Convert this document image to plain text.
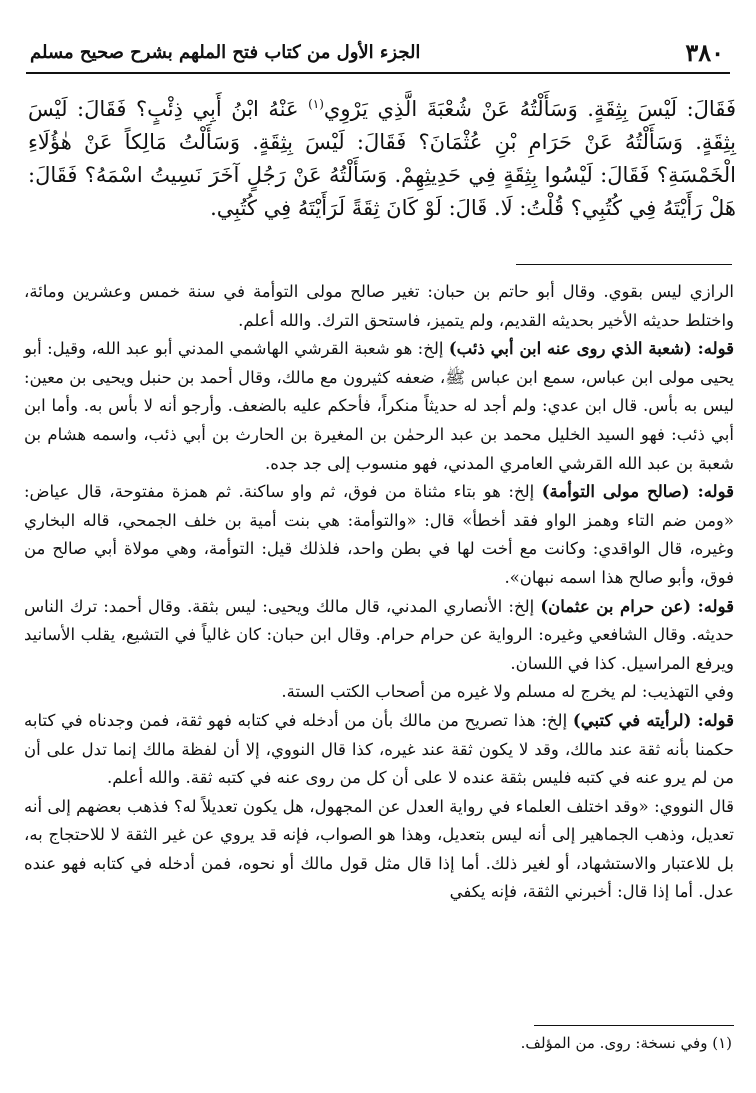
٣٨٠
الجزء الأول من كتاب فتح الملهم بشرح صحيح مسلم

فَقَالَ: لَيْسَ بِثِقَةٍ. وَسَأَلْتُهُ عَنْ شُعْبَةَ الَّذِي يَرْوِي$^{(١)}$ عَنْهُ ابْنُ أَبِي ذِئْبٍ؟ فَقَالَ: لَيْسَ بِثِقَةٍ. وَسَأَلْتُهُ عَنْ حَرَامِ بْنِ عُثْمَانَ؟ فَقَالَ: لَيْسَ بِثِقَةٍ. وَسَأَلْتُ مَالِكاً عَنْ هٰؤُلَاءِ الْخَمْسَةِ؟ فَقَالَ: لَيْسُوا بِثِقَةٍ فِي حَدِيثِهِمْ. وَسَأَلْتُهُ عَنْ رَجُلٍ آخَرَ نَسِيتُ اسْمَهُ؟ فَقَالَ: هَلْ رَأَيْتَهُ فِي كُتُبِي؟ قُلْتُ: لَا. قَالَ: لَوْ كَانَ ثِقَةً لَرَأَيْتَهُ فِي كُتُبِي.

الرازي ليس بقوي. وقال أبو حاتم بن حبان: تغير صالح مولى التوأمة في سنة خمس وعشرين ومائة، واختلط حديثه الأخير بحديثه القديم، ولم يتميز، فاستحق الترك. والله أعلم.

قوله: (شعبة الذي روى عنه ابن أبي ذئب) إلخ: هو شعبة القرشي الهاشمي المدني أبو عبد الله، وقيل: أبو يحيى مولى ابن عباس، سمع ابن عباس ﷺ، ضعفه كثيرون مع مالك، وقال أحمد بن حنبل ويحيى بن معين: ليس به بأس. قال ابن عدي: ولم أجد له حديثاً منكراً، فأحكم عليه بالضعف. وأرجو أنه لا بأس به. وأما ابن أبي ذئب: فهو السيد الخليل محمد بن عبد الرحمٰن بن المغيرة بن الحارث بن أبي ذئب، واسمه هشام بن شعبة بن عبد الله القرشي العامري المدني، فهو منسوب إلى جد جده.

قوله: (صالح مولى التوأمة) إلخ: هو بتاء مثناة من فوق، ثم واو ساكنة. ثم همزة مفتوحة، قال عياض: «ومن ضم التاء وهمز الواو فقد أخطأ» قال: «والتوأمة: هي بنت أمية بن خلف الجمحي، قاله البخاري وغيره، قال الواقدي: وكانت مع أخت لها في بطن واحد، فلذلك قيل: التوأمة، وهي مولاة أبي صالح من فوق، وأبو صالح هذا اسمه نبهان».

قوله: (عن حرام بن عثمان) إلخ: الأنصاري المدني، قال مالك ويحيى: ليس بثقة. وقال أحمد: ترك الناس حديثه. وقال الشافعي وغيره: الرواية عن حرام حرام. وقال ابن حبان: كان غالياً في التشيع، يقلب الأسانيد ويرفع المراسيل. كذا في اللسان.

وفي التهذيب: لم يخرج له مسلم ولا غيره من أصحاب الكتب الستة.

قوله: (لرأيته في كتبي) إلخ: هذا تصريح من مالك بأن من أدخله في كتابه فهو ثقة، فمن وجدناه في كتابه حكمنا بأنه ثقة عند مالك، وقد لا يكون ثقة عند غيره، كذا قال النووي، إلا أن لفظة مالك إنما تدل على أن من لم يرو عنه في كتبه فليس بثقة عنده لا على أن كل من روى عنه في كتبه ثقة. والله أعلم.

قال النووي: «وقد اختلف العلماء في رواية العدل عن المجهول، هل يكون تعديلاً له؟ فذهب بعضهم إلى أنه تعديل، وذهب الجماهير إلى أنه ليس بتعديل، وهذا هو الصواب، فإنه قد يروي عن غير الثقة لا للاحتجاج به، بل للاعتبار والاستشهاد، أو لغير ذلك. أما إذا قال مثل قول مالك أو نحوه، فمن أدخله في كتابه فهو عنده عدل. أما إذا قال: أخبرني الثقة، فإنه يكفي

(١) وفي نسخة: روى. من المؤلف.
